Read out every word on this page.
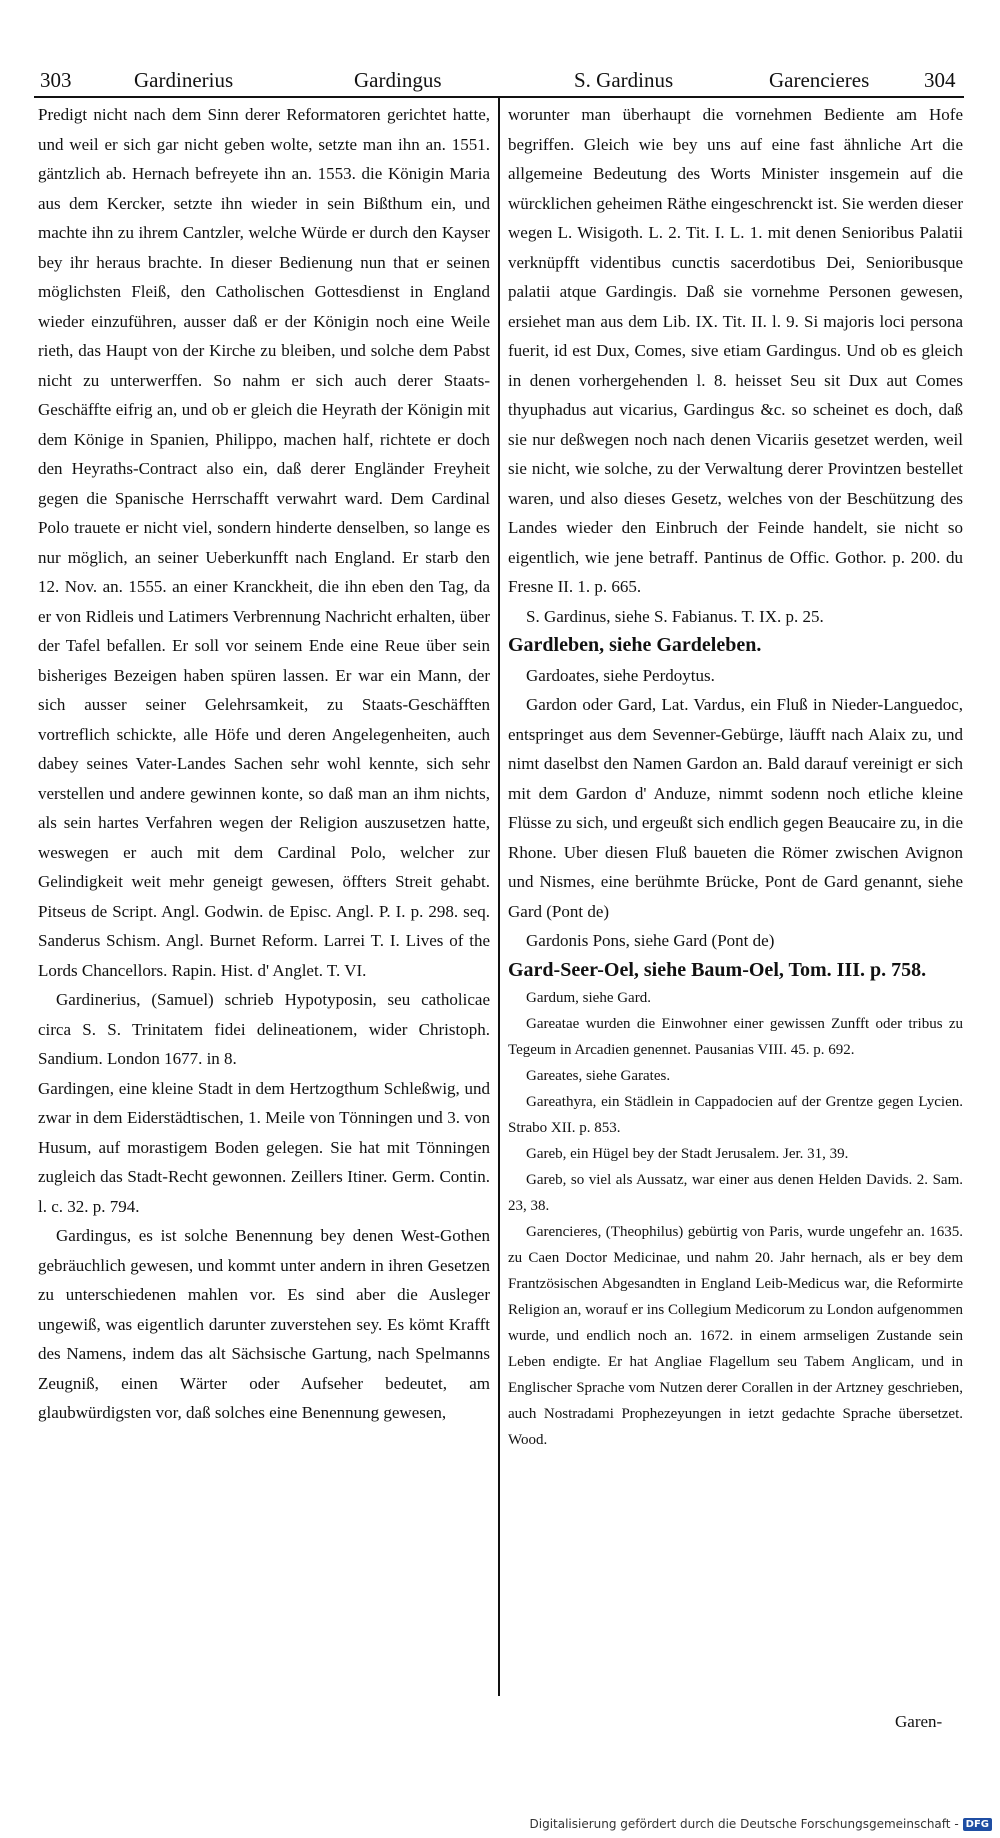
303	Gardinerius	Gardingus	S. Gardinus	Garencieres	304

Predigt nicht nach dem Sinn derer Reformatoren gerichtet hatte, und weil er sich gar nicht geben wolte, setzte man ihn an. 1551. gäntzlich ab. Hernach befreyete ihn an. 1553. die Königin Maria aus dem Kercker, setzte ihn wieder in sein Bißthum ein, und machte ihn zu ihrem Cantzler, welche Würde er durch den Kayser bey ihr heraus brachte. In dieser Bedienung nun that er seinen möglichsten Fleiß, den Catholischen Gottesdienst in England wieder einzuführen, ausser daß er der Königin noch eine Weile rieth, das Haupt von der Kirche zu bleiben, und solche dem Pabst nicht zu unterwerffen. So nahm er sich auch derer Staats-Geschäffte eifrig an, und ob er gleich die Heyrath der Königin mit dem Könige in Spanien, Philippo, machen half, richtete er doch den Heyraths-Contract also ein, daß derer Engländer Freyheit gegen die Spanische Herrschafft verwahrt ward. Dem Cardinal Polo trauete er nicht viel, sondern hinderte denselben, so lange es nur möglich, an seiner Ueberkunfft nach England. Er starb den 12. Nov. an. 1555. an einer Kranckheit, die ihn eben den Tag, da er von Ridleis und Latimers Verbrennung Nachricht erhalten, über der Tafel befallen. Er soll vor seinem Ende eine Reue über sein bisheriges Bezeigen haben spüren lassen. Er war ein Mann, der sich ausser seiner Gelehrsamkeit, zu Staats-Geschäfften vortreflich schickte, alle Höfe und deren Angelegenheiten, auch dabey seines Vater-Landes Sachen sehr wohl kennte, sich sehr verstellen und andere gewinnen konte, so daß man an ihm nichts, als sein hartes Verfahren wegen der Religion auszusetzen hatte, weswegen er auch mit dem Cardinal Polo, welcher zur Gelindigkeit weit mehr geneigt gewesen, öffters Streit gehabt. Pitseus de Script. Angl. Godwin. de Episc. Angl. P. I. p. 298. seq. Sanderus Schism. Angl. Burnet Reform. Larrei T. I. Lives of the Lords Chancellors. Rapin. Hist. d' Anglet. T. VI.

Gardinerius, (Samuel) schrieb Hypotyposin, seu catholicae circa S. S. Trinitatem fidei delineationem, wider Christoph. Sandium. London 1677. in 8.

Gardingen, eine kleine Stadt in dem Hertzogthum Schleßwig, und zwar in dem Eiderstädtischen, 1. Meile von Tönningen und 3. von Husum, auf morastigem Boden gelegen. Sie hat mit Tönningen zugleich das Stadt-Recht gewonnen. Zeillers Itiner. Germ. Contin. l. c. 32. p. 794.

Gardingus, es ist solche Benennung bey denen West-Gothen gebräuchlich gewesen, und kommt unter andern in ihren Gesetzen zu unterschiedenen mahlen vor. Es sind aber die Ausleger ungewiß, was eigentlich darunter zuverstehen sey. Es kömt Krafft des Namens, indem das alt Sächsische Gartung, nach Spelmanns Zeugniß, einen Wärter oder Aufseher bedeutet, am glaubwürdigsten vor, daß solches eine Benennung gewesen,

worunter man überhaupt die vornehmen Bediente am Hofe begriffen. Gleich wie bey uns auf eine fast ähnliche Art die allgemeine Bedeutung des Worts Minister insgemein auf die würcklichen geheimen Räthe eingeschrenckt ist. Sie werden dieser wegen L. Wisigoth. L. 2. Tit. I. L. 1. mit denen Senioribus Palatii verknüpfft videntibus cunctis sacerdotibus Dei, Senioribusque palatii atque Gardingis. Daß sie vornehme Personen gewesen, ersiehet man aus dem Lib. IX. Tit. II. l. 9. Si majoris loci persona fuerit, id est Dux, Comes, sive etiam Gardingus. Und ob es gleich in denen vorhergehenden l. 8. heisset Seu sit Dux aut Comes thyuphadus aut vicarius, Gardingus &c. so scheinet es doch, daß sie nur deßwegen noch nach denen Vicariis gesetzet werden, weil sie nicht, wie solche, zu der Verwaltung derer Provintzen bestellet waren, und also dieses Gesetz, welches von der Beschützung des Landes wieder den Einbruch der Feinde handelt, sie nicht so eigentlich, wie jene betraff. Pantinus de Offic. Gothor. p. 200. du Fresne II. 1. p. 665.

S. Gardinus, siehe S. Fabianus. T. IX. p. 25.

Gardleben, siehe Gardeleben.

Gardoates, siehe Perdoytus.

Gardon oder Gard, Lat. Vardus, ein Fluß in Nieder-Languedoc, entspringet aus dem Sevenner-Gebürge, läufft nach Alaix zu, und nimt daselbst den Namen Gardon an. Bald darauf vereinigt er sich mit dem Gardon d' Anduze, nimmt sodenn noch etliche kleine Flüsse zu sich, und ergeußt sich endlich gegen Beaucaire zu, in die Rhone. Uber diesen Fluß baueten die Römer zwischen Avignon und Nismes, eine berühmte Brücke, Pont de Gard genannt, siehe Gard (Pont de)

Gardonis Pons, siehe Gard (Pont de)

Gard-Seer-Oel, siehe Baum-Oel, Tom. III. p. 758.

Gardum, siehe Gard.

Gareatae wurden die Einwohner einer gewissen Zunfft oder tribus zu Tegeum in Arcadien genennet. Pausanias VIII. 45. p. 692.

Gareates, siehe Garates.

Gareathyra, ein Städlein in Cappadocien auf der Grentze gegen Lycien. Strabo XII. p. 853.

Gareb, ein Hügel bey der Stadt Jerusalem. Jer. 31, 39.

Gareb, so viel als Aussatz, war einer aus denen Helden Davids. 2. Sam. 23, 38.

Garencieres, (Theophilus) gebürtig von Paris, wurde ungefehr an. 1635. zu Caen Doctor Medicinae, und nahm 20. Jahr hernach, als er bey dem Frantzösischen Abgesandten in England Leib-Medicus war, die Reformirte Religion an, worauf er ins Collegium Medicorum zu London aufgenommen wurde, und endlich noch an. 1672. in einem armseligen Zustande sein Leben endigte. Er hat Angliae Flagellum seu Tabem Anglicam, und in Englischer Sprache vom Nutzen derer Corallen in der Artzney geschrieben, auch Nostradami Prophezeyungen in ietzt gedachte Sprache übersetzet. Wood.

Garen-
Digitalisierung gefördert durch die Deutsche Forschungsgemeinschaft - DFG
